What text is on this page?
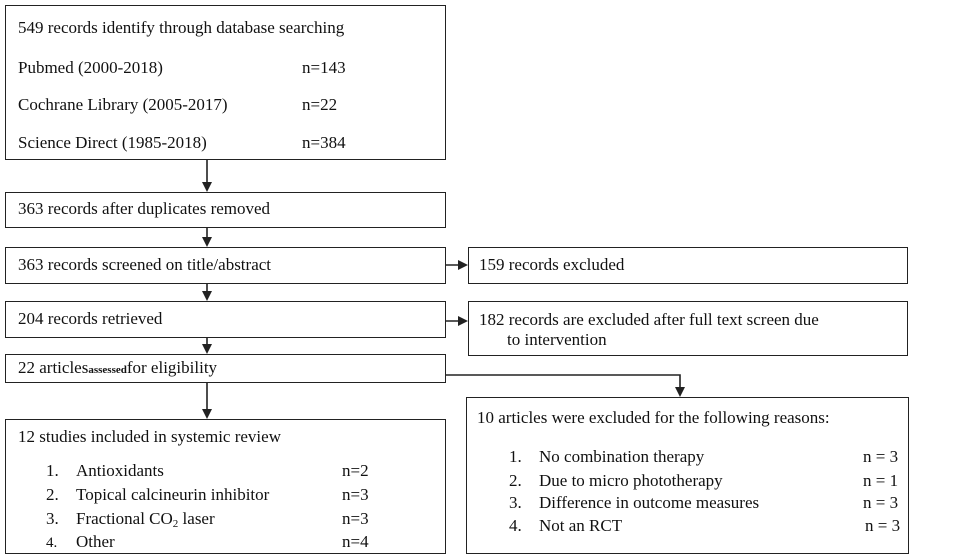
549 records identify through database searching
Pubmed (2000-2018)	n=143
Cochrane Library (2005-2017)	n=22
Science Direct (1985-2018)	n=384
363 records after duplicates removed
363 records screened on title/abstract	159 records excluded
204 records retrieved	182 records are excluded after full text screen due
to intervention
22 articlesassessedfor eligibility
12 studies included in systemic review
1. Antioxidants	n=2
2. Topical calcineurin inhibitor	n=3
3. Fractional $CO_2$ laser	n=3
4. Other	n=4
10 articles were excluded for the following reasons:
1. No combination therapy	n = 3
2. Due to micro phototherapy	n = 1
3. Difference in outcome measures	n = 3
4. Not an RCT	n = 3
